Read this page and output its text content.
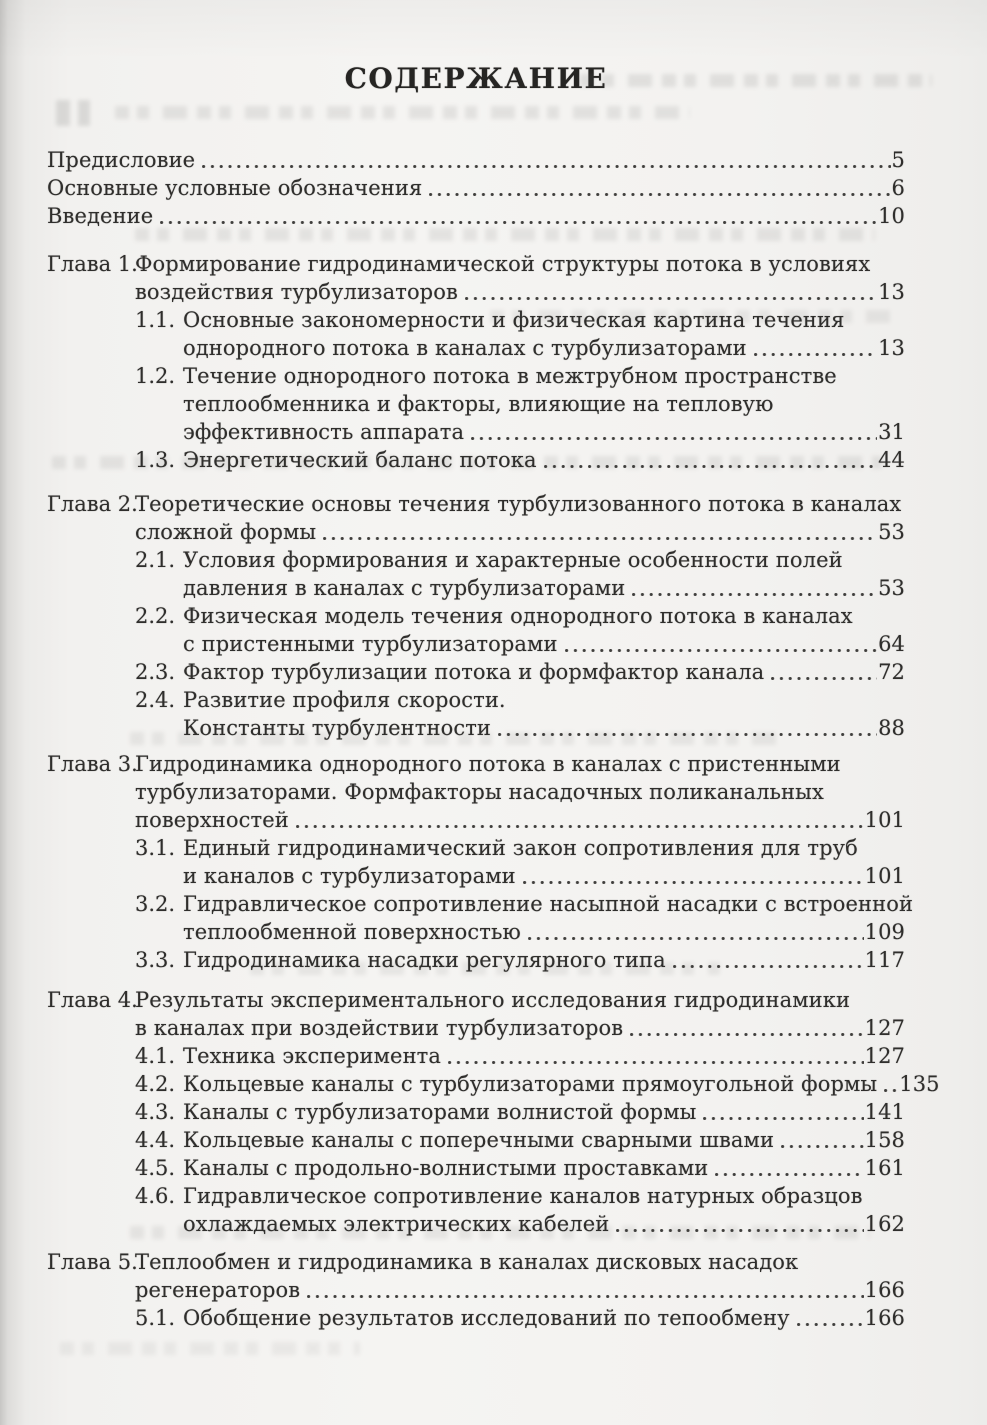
СОДЕРЖАНИЕ
Предисловие	5
Основные условные обозначения	6
Введение	10
Глава 1.
Формирование гидродинамической структуры потока в условиях
воздействия турбулизаторов	13
1.1. Основные закономерности и физическая картина течения
однородного потока в каналах с турбулизаторами	13
1.2. Течение однородного потока в межтрубном пространстве
теплообменника и факторы, влияющие на тепловую
эффективность аппарата	31
1.3. Энергетический баланс потока	44
Глава 2.
Теоретические основы течения турбулизованного потока в каналах
сложной формы	53
2.1. Условия формирования и характерные особенности полей
давления в каналах с турбулизаторами	53
2.2. Физическая модель течения однородного потока в каналах
с пристенными турбулизаторами	64
2.3. Фактор турбулизации потока и формфактор канала	72
2.4. Развитие профиля скорости.
Константы турбулентности	88
Глава 3.
Гидродинамика однородного потока в каналах с пристенными
турбулизаторами. Формфакторы насадочных поликанальных
поверхностей	101
3.1. Единый гидродинамический закон сопротивления для труб
и каналов с турбулизаторами	101
3.2. Гидравлическое сопротивление насыпной насадки с встроенной
теплообменной поверхностью	109
3.3. Гидродинамика насадки регулярного типа	117
Глава 4.
Результаты экспериментального исследования гидродинамики
в каналах при воздействии турбулизаторов	127
4.1. Техника эксперимента	127
4.2. Кольцевые каналы с турбулизаторами прямоугольной формы 135
4.3. Каналы с турбулизаторами волнистой формы	141
4.4. Кольцевые каналы с поперечными сварными швами	158
4.5. Каналы с продольно-волнистыми проставками	161
4.6. Гидравлическое сопротивление каналов натурных образцов
охлаждаемых электрических кабелей	162
Глава 5.
Теплообмен и гидродинамика в каналах дисковых насадок
регенераторов	166
5.1. Обобщение результатов исследований по тепообмену	166
